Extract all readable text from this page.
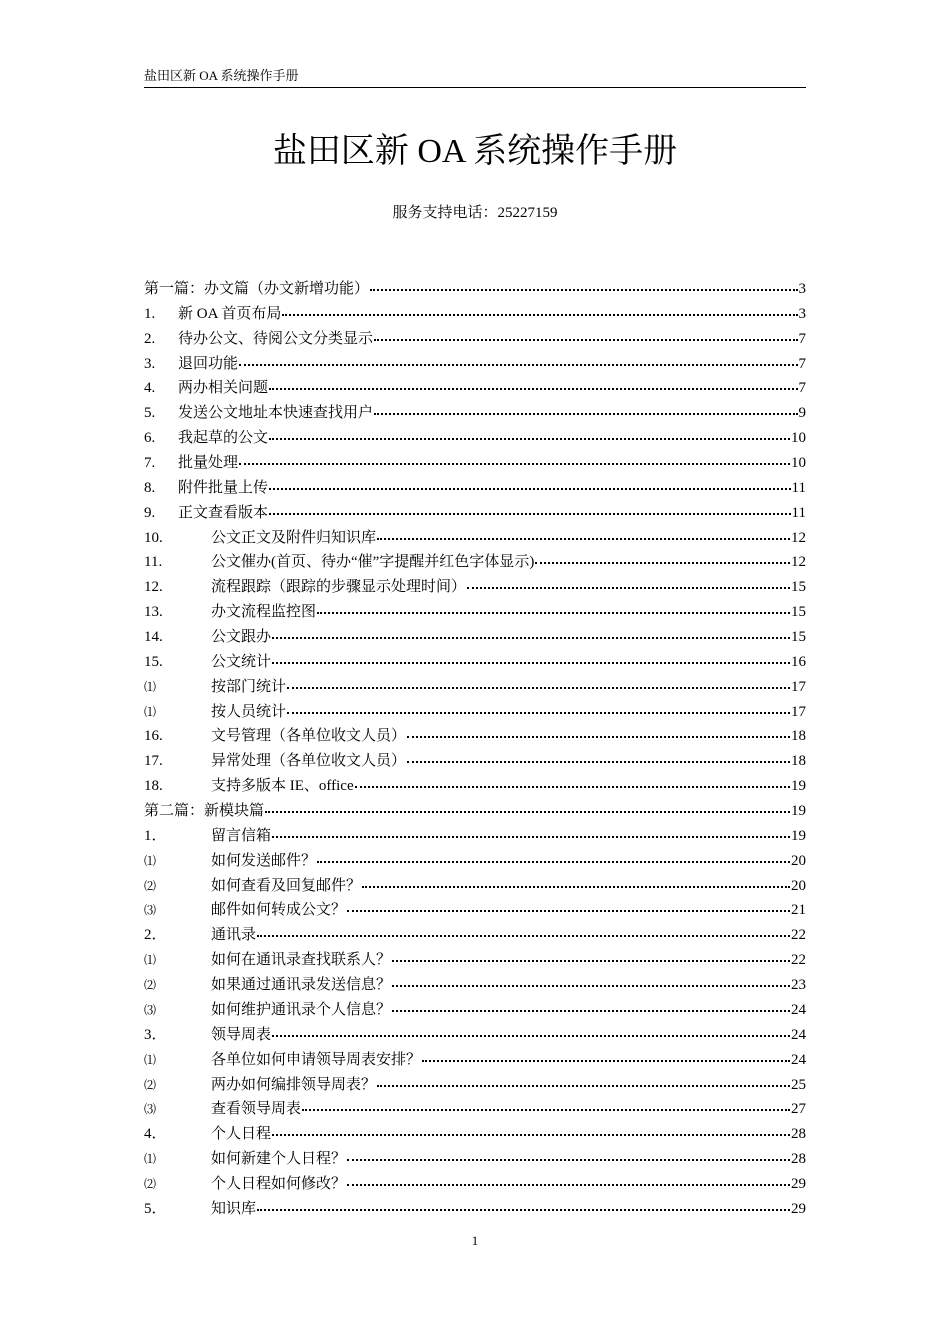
盐田区新 OA 系统操作手册
盐田区新 OA 系统操作手册
服务支持电话：25227159
第一篇：办文篇（办文新增功能）	3
1.	新 OA 首页布局	3
2.	待办公文、待阅公文分类显示	7
3.	退回功能	7
4.	两办相关问题	7
5.	发送公文地址本快速查找用户	9
6.	我起草的公文	10
7.	批量处理	10
8.	附件批量上传	11
9.	正文查看版本	11
10.	公文正文及附件归知识库	12
11.	公文催办(首页、待办“催”字提醒并红色字体显示)	12
12.	流程跟踪（跟踪的步骤显示处理时间）	15
13.	办文流程监控图	15
14.	公文跟办	15
15.	公文统计	16
⑴	按部门统计	17
⑴	按人员统计	17
16.	文号管理（各单位收文人员）	18
17.	异常处理（各单位收文人员）	18
18.	支持多版本 IE、office	19
第二篇：新模块篇	19
1．	留言信箱	19
⑴	如何发送邮件？	20
⑵	如何查看及回复邮件？	20
⑶	邮件如何转成公文？	21
2．	通讯录	22
⑴	如何在通讯录查找联系人？	22
⑵	如果通过通讯录发送信息？	23
⑶	如何维护通讯录个人信息？	24
3．	领导周表	24
⑴	各单位如何申请领导周表安排？	24
⑵	两办如何编排领导周表？	25
⑶	查看领导周表	27
4．	个人日程	28
⑴	如何新建个人日程？	28
⑵	个人日程如何修改？	29
5．	知识库	29
1
